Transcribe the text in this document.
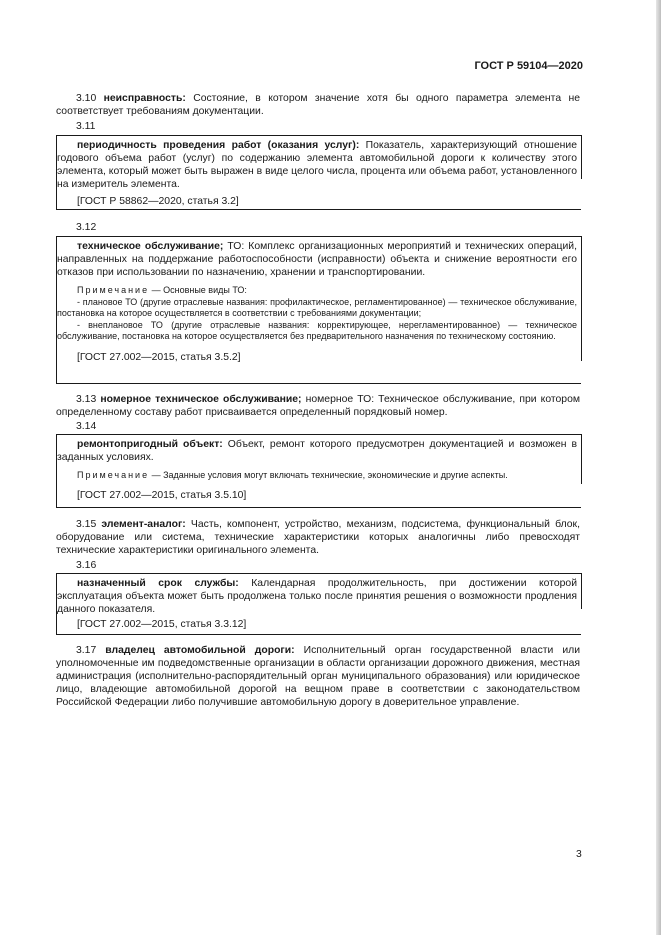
ГОСТ Р 59104—2020

3.10 неисправность: Состояние, в котором значение хотя бы одного параметра элемента не соответствует требованиям документации.

3.11

периодичность проведения работ (оказания услуг): Показатель, характеризующий отношение годового объема работ (услуг) по содержанию элемента автомобильной дороги к количеству этого элемента, который может быть выражен в виде целого числа, процента или объема работ, установленного на измеритель элемента.

[ГОСТ Р 58862—2020, статья 3.2]

3.12

техническое обслуживание; ТО: Комплекс организационных мероприятий и технических операций, направленных на поддержание работоспособности (исправности) объекта и снижение вероятности его отказов при использовании по назначению, хранении и транспортировании.

Примечание — Основные виды ТО:

- плановое ТО (другие отраслевые названия: профилактическое, регламентированное) — техническое обслуживание, постановка на которое осуществляется в соответствии с требованиями документации;

- внеплановое ТО (другие отраслевые названия: корректирующее, нерегламентированное) — техническое обслуживание, постановка на которое осуществляется без предварительного назначения по техническому состоянию.

[ГОСТ 27.002—2015, статья 3.5.2]

3.13 номерное техническое обслуживание; номерное ТО: Техническое обслуживание, при котором определенному составу работ присваивается определенный порядковый номер.

3.14

ремонтопригодный объект: Объект, ремонт которого предусмотрен документацией и возможен в заданных условиях.

Примечание — Заданные условия могут включать технические, экономические и другие аспекты.

[ГОСТ 27.002—2015, статья 3.5.10]

3.15 элемент-аналог: Часть, компонент, устройство, механизм, подсистема, функциональный блок, оборудование или система, технические характеристики которых аналогичны либо превосходят технические характеристики оригинального элемента.

3.16

назначенный срок службы: Календарная продолжительность, при достижении которой эксплуатация объекта может быть продолжена только после принятия решения о возможности продления данного показателя.

[ГОСТ 27.002—2015, статья 3.3.12]

3.17 владелец автомобильной дороги: Исполнительный орган государственной власти или уполномоченные им подведомственные организации в области организации дорожного движения, местная администрация (исполнительно-распорядительный орган муниципального образования) или юридическое лицо, владеющие автомобильной дорогой на вещном праве в соответствии с законодательством Российской Федерации либо получившие автомобильную дорогу в доверительное управление.

3
